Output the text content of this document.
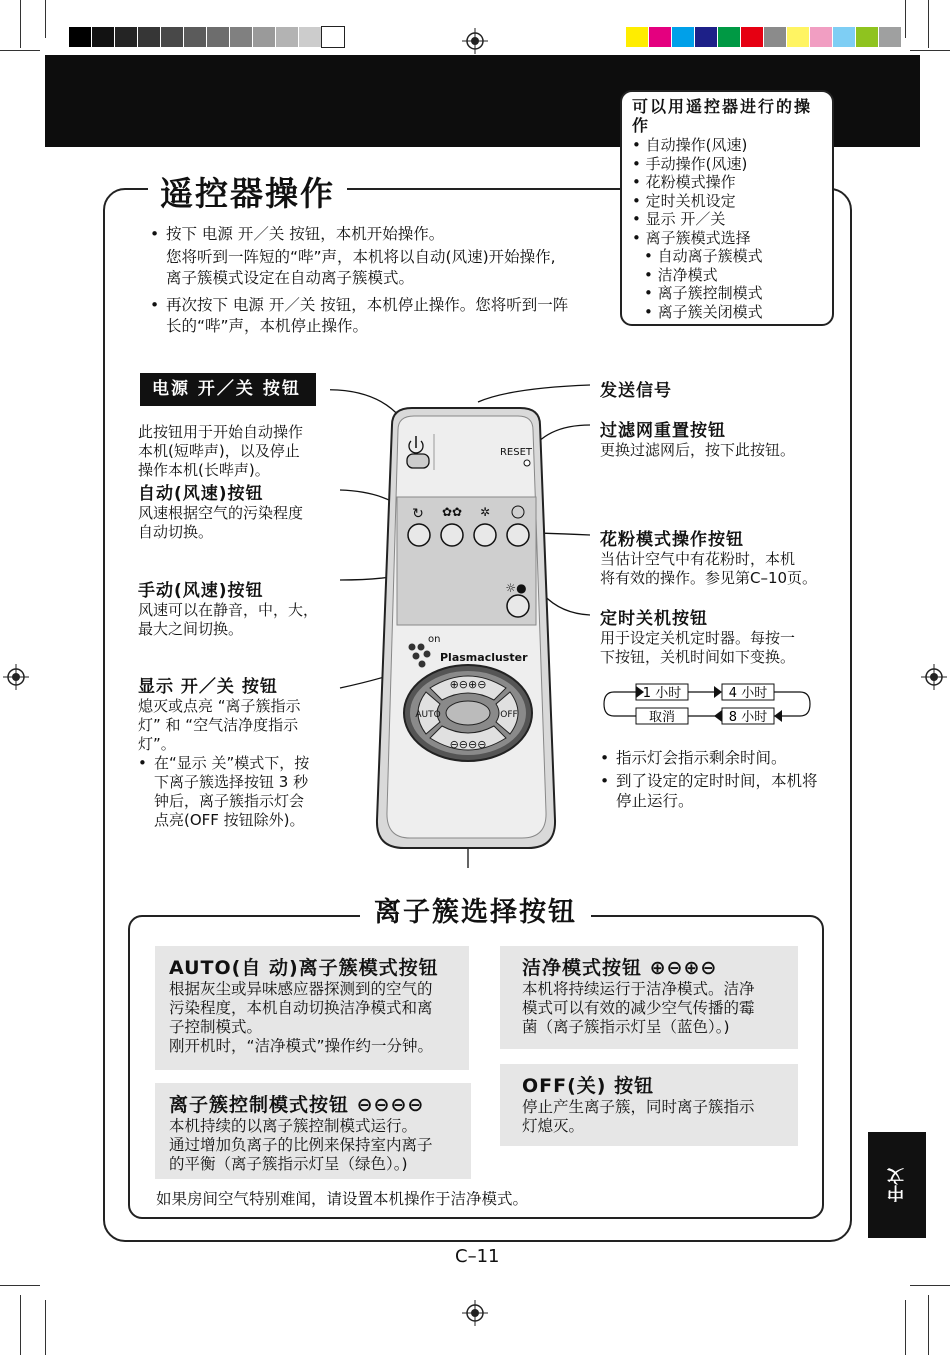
遥控器操作
可以用遥控器进行的操作
• 自动操作(风速)
• 手动操作(风速)
• 花粉模式操作
• 定时关机设定
• 显示 开／关
• 离子簇模式选择
• 自动离子簇模式
• 洁净模式
• 离子簇控制模式
• 离子簇关闭模式
• 按下 电源 开／关 按钮，本机开始操作。
您将听到一阵短的“哔”声，本机将以自动(风速)开始操作,
离子簇模式设定在自动离子簇模式。
• 再次按下 电源 开／关 按钮，本机停止操作。您将听到一阵
长的“哔”声，本机停止操作。
电源 开／关 按钮
此按钮用于开始自动操作
本机(短哔声)，以及停止
操作本机(长哔声)。
自动(风速)按钮
风速根据空气的污染程度
自动切换。
手动(风速)按钮
风速可以在静音，中，大，
最大之间切换。
显示 开／关 按钮
熄灭或点亮 “离子簇指示
灯” 和 “空气洁净度指示
灯”。
• 在“显示 关”模式下，按
下离子簇选择按钮 3 秒
钟后，离子簇指示灯会
点亮(OFF 按钮除外)。
发送信号
过滤网重置按钮
更换过滤网后，按下此按钮。
花粉模式操作按钮
当估计空气中有花粉时，本机
将有效的操作。参见第C–10页。
定时关机按钮
用于设定关机定时器。每按一
下按钮，关机时间如下变换。
1 小时	4 小时
8 小时
取消
• 指示灯会指示剩余时间。
• 到了设定的定时时间，本机将
停止运行。
RESET
↻ ✿✿ ✲
☼●
on
Plasmacluster
⊕⊖⊕⊖
AUTO	OFF
⊖⊖⊖⊖
离子簇选择按钮
AUTO(自 动)离子簇模式按钮
根据灰尘或异味感应器探测到的空气的
污染程度，本机自动切换洁净模式和离
子控制模式。
刚开机时，“洁净模式”操作约一分钟。
洁净模式按钮 ⊕⊖⊕⊖
本机将持续运行于洁净模式。洁净
模式可以有效的减少空气传播的霉
菌（离子簇指示灯呈（蓝色）。)
离子簇控制模式按钮 ⊖⊖⊖⊖
本机持续的以离子簇控制模式运行。
通过增加负离子的比例来保持室内离子
的平衡（离子簇指示灯呈（绿色）。)
OFF(关) 按钮
停止产生离子簇，同时离子簇指示
灯熄灭。
如果房间空气特别难闻，请设置本机操作于洁净模式。
C–11
中文
